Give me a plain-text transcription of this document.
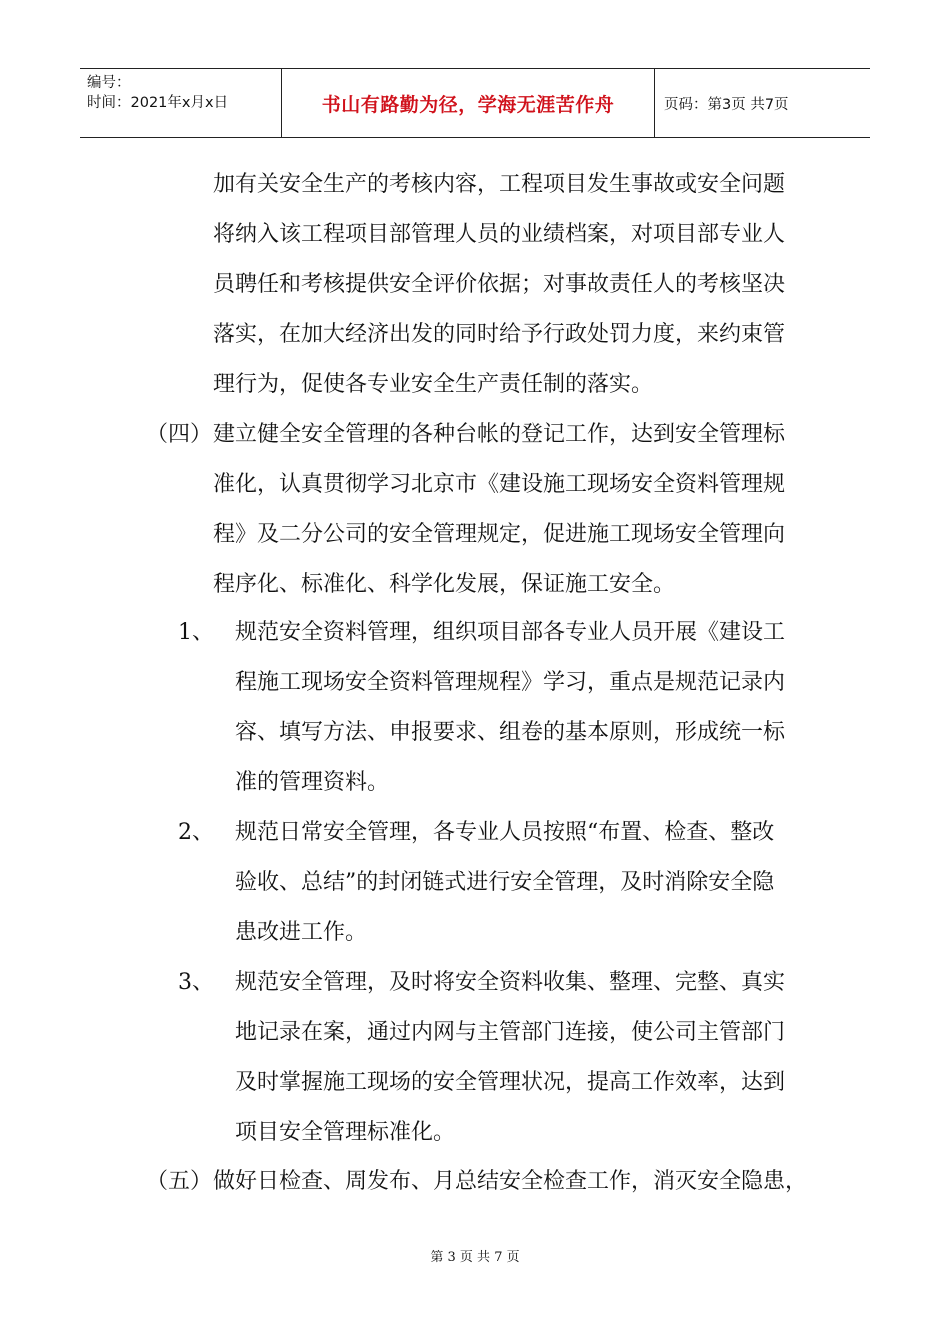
编号：
时间：2021年x月x日	书山有路勤为径，学海无涯苦作舟	页码：第3页 共7页
加有关安全生产的考核内容，工程项目发生事故或安全问题
将纳入该工程项目部管理人员的业绩档案，对项目部专业人
员聘任和考核提供安全评价依据；对事故责任人的考核坚决
落实，在加大经济出发的同时给予行政处罚力度，来约束管
理行为，促使各专业安全生产责任制的落实。
（四） 建立健全安全管理的各种台帐的登记工作，达到安全管理标
准化，认真贯彻学习北京市《建设施工现场安全资料管理规
程》及二分公司的安全管理规定，促进施工现场安全管理向
程序化、标准化、科学化发展，保证施工安全。
1、 规范安全资料管理，组织项目部各专业人员开展《建设工
程施工现场安全资料管理规程》学习，重点是规范记录内
容、填写方法、申报要求、组卷的基本原则，形成统一标
准的管理资料。
2、 规范日常安全管理，各专业人员按照“布置、检查、整改
验收、总结”的封闭链式进行安全管理，及时消除安全隐
患改进工作。
3、 规范安全管理，及时将安全资料收集、整理、完整、真实
地记录在案，通过内网与主管部门连接，使公司主管部门
及时掌握施工现场的安全管理状况，提高工作效率，达到
项目安全管理标准化。
（五） 做好日检查、周发布、月总结安全检查工作，消灭安全隐患，
第 3 页 共 7 页
